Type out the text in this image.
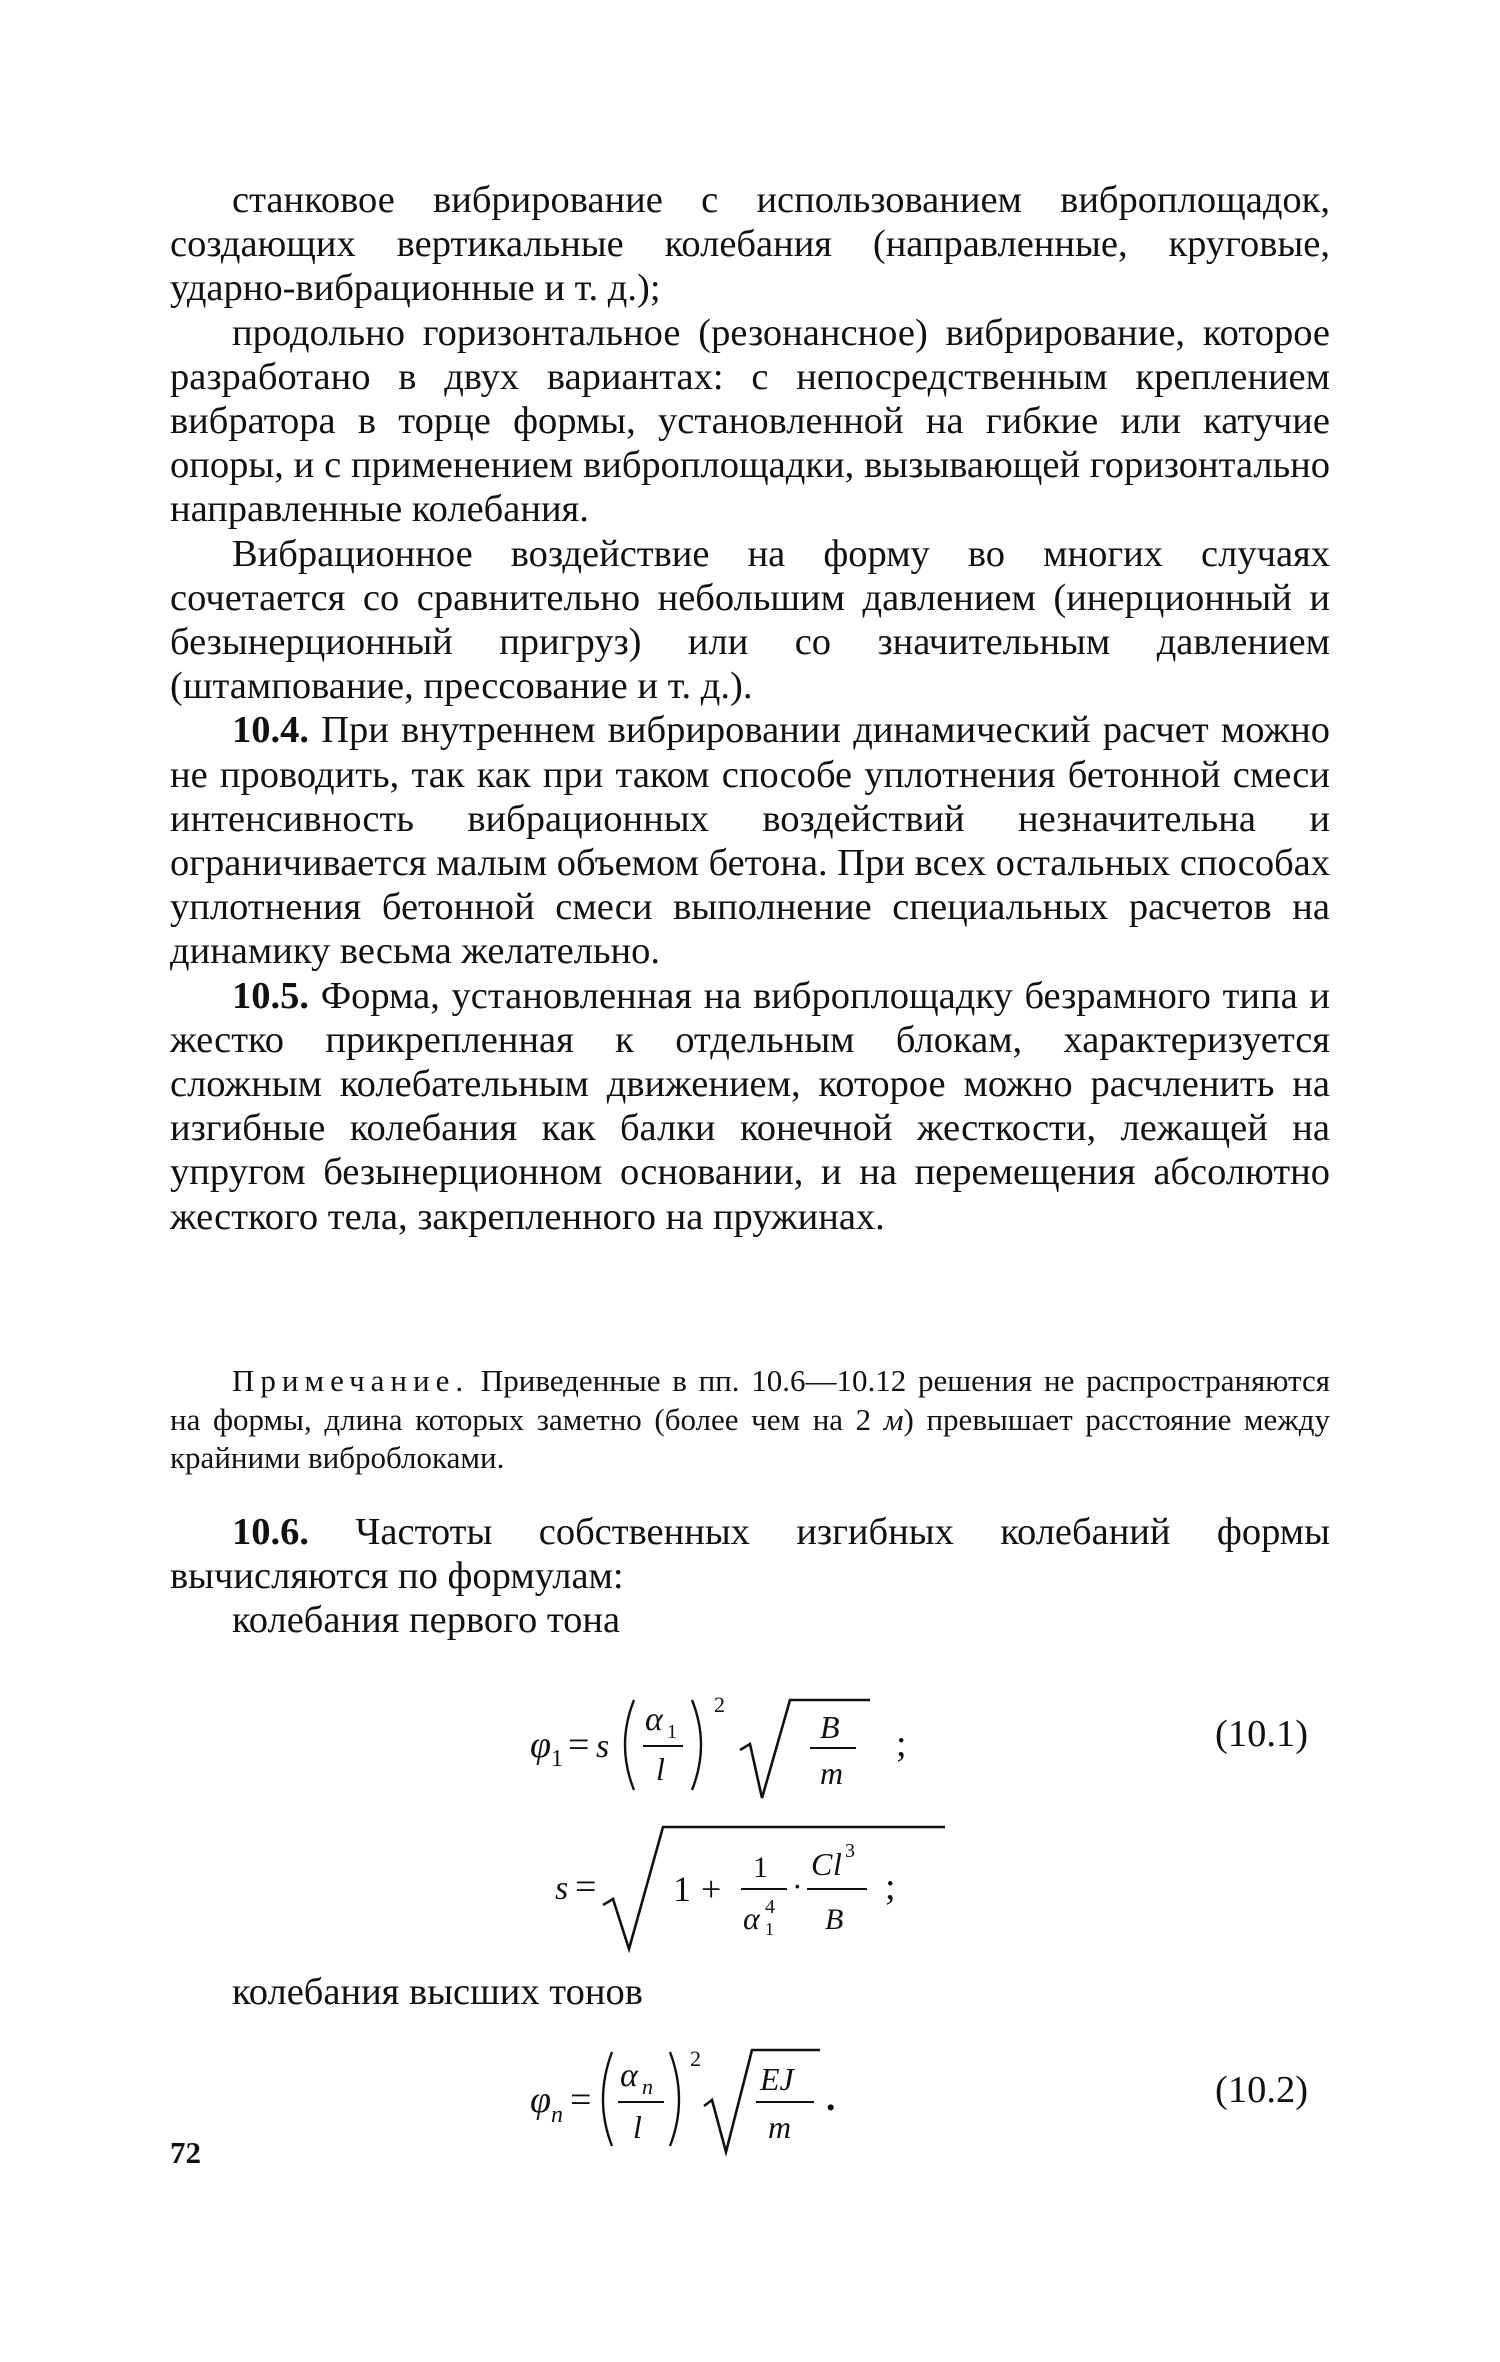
станковое вибрирование с использованием виброплощадок, создающих вертикальные колебания (направленные, круговые, ударно-вибрационные и т. д.);

продольно горизонтальное (резонансное) вибрирование, которое разработано в двух вариантах: с непосредственным креплением вибратора в торце формы, установленной на гибкие или катучие опоры, и с применением виброплощадки, вызывающей горизонтально направленные колебания.

Вибрационное воздействие на форму во многих случаях сочетается со сравнительно небольшим давлением (инерционный и безынерционный пригруз) или со значительным давлением (штампование, прессование и т. д.).

10.4. При внутреннем вибрировании динамический расчет можно не проводить, так как при таком способе уплотнения бетонной смеси интенсивность вибрационных воздействий незначительна и ограничивается малым объемом бетона. При всех остальных способах уплотнения бетонной смеси выполнение специальных расчетов на динамику весьма желательно.

10.5. Форма, установленная на виброплощадку безрамного типа и жестко прикрепленная к отдельным блокам, характеризуется сложным колебательным движением, которое можно расчленить на изгибные колебания как балки конечной жесткости, лежащей на упругом безынерционном основании, и на перемещения абсолютно жесткого тела, закрепленного на пружинах.

Примечание. Приведенные в пп. 10.6—10.12 решения не распространяются на формы, длина которых заметно (более чем на 2 м) превышает расстояние между крайними виброблоками.

10.6. Частоты собственных изгибных колебаний формы вычисляются по формулам:

колебания первого тона
φ 1 = s
α 1
l
2
B
m
;	(10.1)
s = 1 +
1
α 4
1
·
C l 3
B
;
колебания высших тонов
φ n =
α n
l
2
EJ
m
.	(10.2)
72
